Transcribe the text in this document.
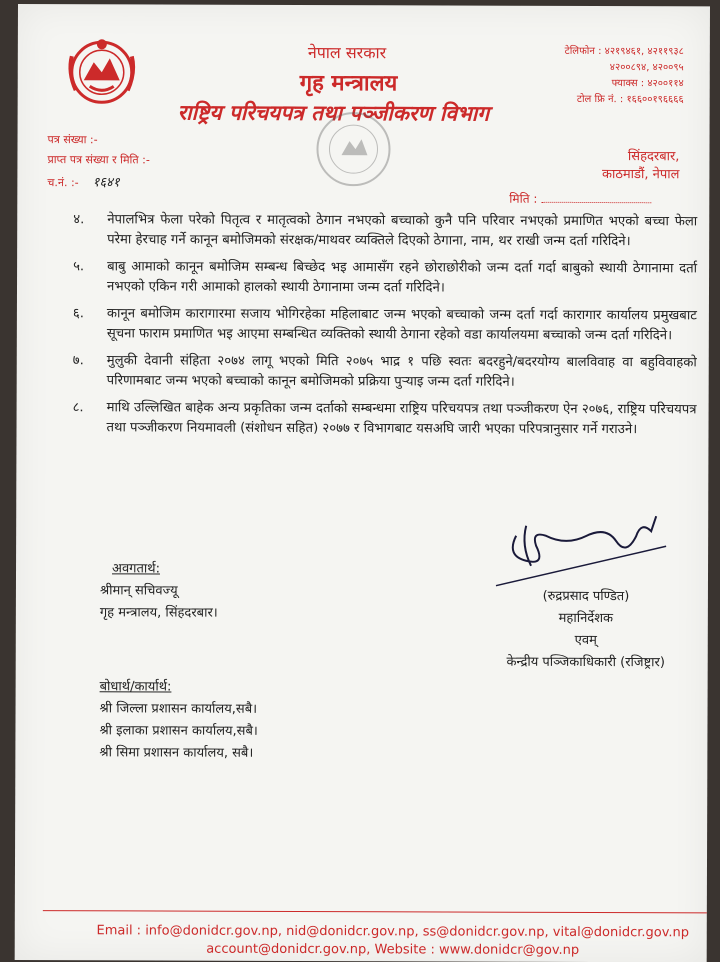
नेपाल सरकार
गृह मन्त्रालय
राष्ट्रिय परिचयपत्र तथा पञ्जीकरण विभाग
टेलिफोन : ४२१९४६१, ४२११९३८
४२००८९४, ४२००९५
फ्याक्स : ४२००११४
टोल फ्रि नं. : १६६००१९६६६६
पत्र संख्या :-
प्राप्त पत्र संख्या र मिति :-
च.नं. :- १६४१
सिंहदरबार,
काठमाडौं, नेपाल
मिति :
४.	नेपालभित्र फेला परेको पितृत्व र मातृत्वको ठेगान नभएको बच्चाको कुनै पनि परिवार नभएको प्रमाणित भएको बच्चा फेला परेमा हेरचाह गर्ने कानून बमोजिमको संरक्षक/माथवर व्यक्तिले दिएको ठेगाना, नाम, थर राखी जन्म दर्ता गरिदिने।
५.	बाबु आमाको कानून बमोजिम सम्बन्ध बिच्छेद भइ आमासँग रहने छोराछोरीको जन्म दर्ता गर्दा बाबुको स्थायी ठेगानामा दर्ता नभएको एकिन गरी आमाको हालको स्थायी ठेगानामा जन्म दर्ता गरिदिने।
६.	कानून बमोजिम कारागारमा सजाय भोगिरहेका महिलाबाट जन्म भएको बच्चाको जन्म दर्ता गर्दा कारागार कार्यालय प्रमुखबाट सूचना फाराम प्रमाणित भइ आएमा सम्बन्धित व्यक्तिको स्थायी ठेगाना रहेको वडा कार्यालयमा बच्चाको जन्म दर्ता गरिदिने।
७.	मुलुकी देवानी संहिता २०७४ लागू भएको मिति २०७५ भाद्र १ पछि स्वतः बदरहुने/बदरयोग्य बालविवाह वा बहुविवाहको परिणामबाट जन्म भएको बच्चाको कानून बमोजिमको प्रक्रिया पुऱ्याइ जन्म दर्ता गरिदिने।
८.	माथि उल्लिखित बाहेक अन्य प्रकृतिका जन्म दर्ताको सम्बन्धमा राष्ट्रिय परिचयपत्र तथा पञ्जीकरण ऐन २०७६, राष्ट्रिय परिचयपत्र तथा पञ्जीकरण नियमावली (संशोधन सहित) २०७७ र विभागबाट यसअघि जारी भएका परिपत्रानुसार गर्ने गराउने।
(रुद्रप्रसाद पण्डित)
महानिर्देशक
एवम्
केन्द्रीय पञ्जिकाधिकारी (रजिष्ट्रार)
अवगतार्थ:
श्रीमान् सचिवज्यू
गृह मन्त्रालय, सिंहदरबार।
बोधार्थ/कार्यार्थ:
श्री जिल्ला प्रशासन कार्यालय,सबै।
श्री इलाका प्रशासन कार्यालय,सबै।
श्री सिमा प्रशासन कार्यालय, सबै।
Email : info@donidcr.gov.np, nid@donidcr.gov.np, ss@donidcr.gov.np, vital@donidcr.gov.np
account@donidcr.gov.np, Website : www.donidcr@gov.np
